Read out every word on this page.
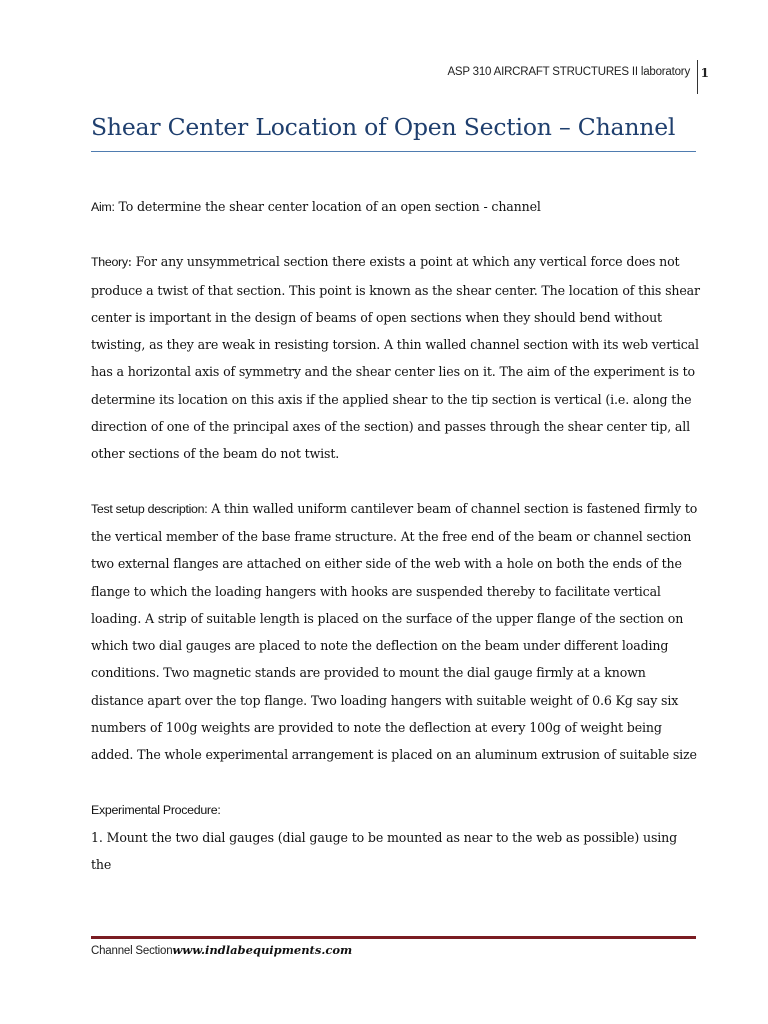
ASP 310 AIRCRAFT STRUCTURES II laboratory 1
Shear Center Location of Open Section – Channel

Aim: To determine the shear center location of an open section - channel

Theory: For any unsymmetrical section there exists a point at which any vertical force does not produce a twist of that section. This point is known as the shear center. The location of this shear center is important in the design of beams of open sections when they should bend without twisting, as they are weak in resisting torsion. A thin walled channel section with its web vertical has a horizontal axis of symmetry and the shear center lies on it. The aim of the experiment is to determine its location on this axis if the applied shear to the tip section is vertical (i.e. along the direction of one of the principal axes of the section) and passes through the shear center tip, all other sections of the beam do not twist.

Test setup description: A thin walled uniform cantilever beam of channel section is fastened firmly to the vertical member of the base frame structure. At the free end of the beam or channel section two external flanges are attached on either side of the web with a hole on both the ends of the flange to which the loading hangers with hooks are suspended thereby to facilitate vertical loading. A strip of suitable length is placed on the surface of the upper flange of the section on which two dial gauges are placed to note the deflection on the beam under different loading conditions. Two magnetic stands are provided to mount the dial gauge firmly at a known distance apart over the top flange. Two loading hangers with suitable weight of 0.6 Kg say six numbers of 100g weights are provided to note the deflection at every 100g of weight being added. The whole experimental arrangement is placed on an aluminum extrusion of suitable size

Experimental Procedure:

1. Mount the two dial gauges (dial gauge to be mounted as near to the web as possible) using the

Channel Sectionwww.indlabequipments.com
